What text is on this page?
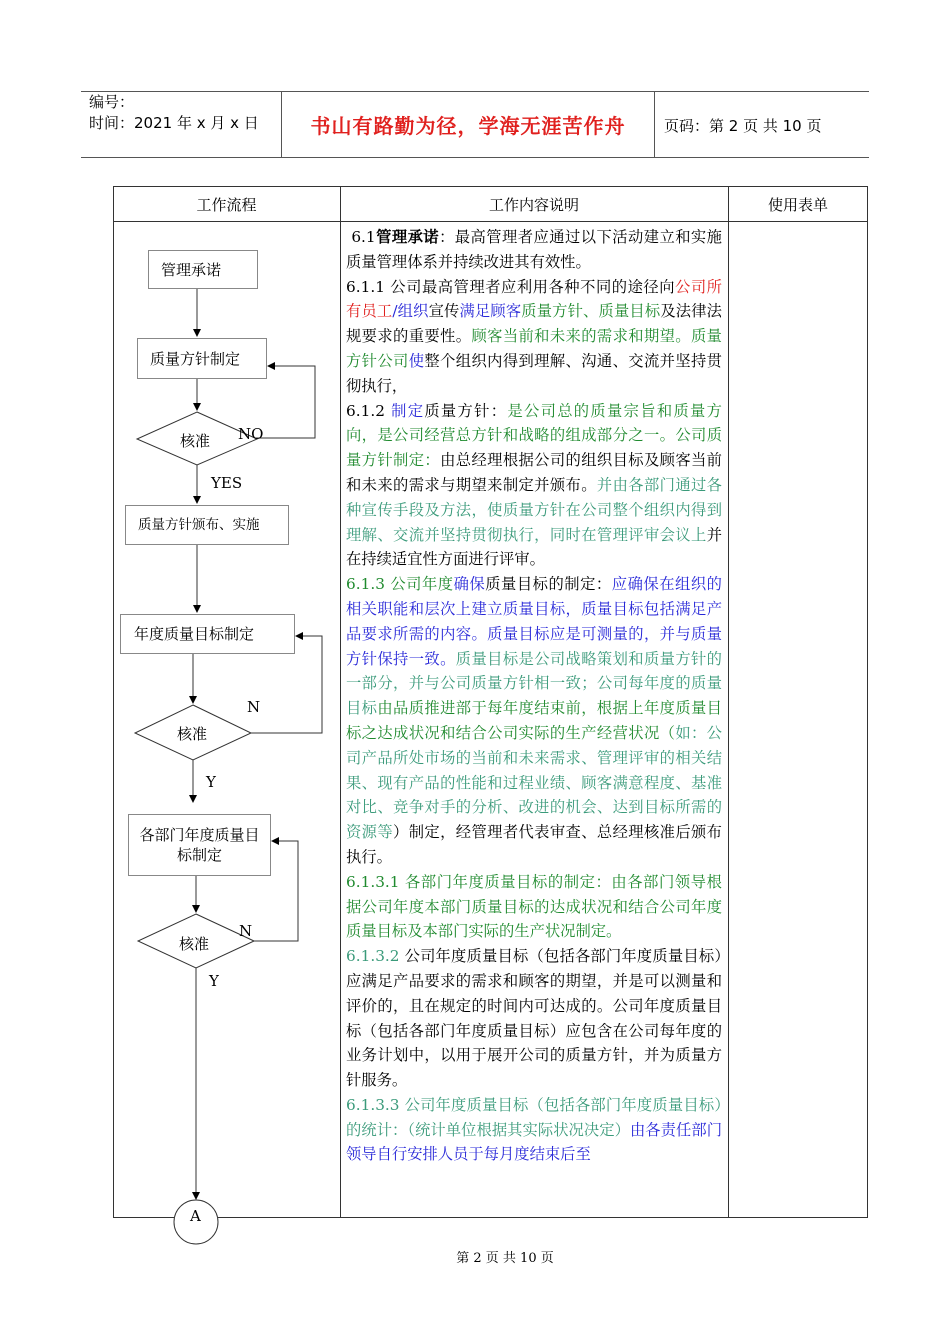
编号：
时间：2021 年 x 月 x 日	书山有路勤为径，学海无涯苦作舟	页码：第 2 页 共 10 页
工作流程	工作内容说明	使用表单
管理承诺
质量方针制定
核准 NO
YES
质量方针颁布、实施
年度质量目标制定
核准
N
Y
各部门年度质量目标制定
核准
N
Y
A

6.1管理承诺：最高管理者应通过以下活动建立和实施质量管理体系并持续改进其有效性。

6.1.1 公司最高管理者应利用各种不同的途径向公司所有员工/组织宣传满足顾客质量方针、质量目标及法律法规要求的重要性。顾客当前和未来的需求和期望。质量方针公司使整个组织内得到理解、沟通、交流并坚持贯彻执行，

6.1.2 制定质量方针：是公司总的质量宗旨和质量方向，是公司经营总方针和战略的组成部分之一。公司质量方针制定：由总经理根据公司的组织目标及顾客当前和未来的需求与期望来制定并颁布。并由各部门通过各种宣传手段及方法，使质量方针在公司整个组织内得到理解、交流并坚持贯彻执行，同时在管理评审会议上并在持续适宜性方面进行评审。

6.1.3 公司年度确保质量目标的制定：应确保在组织的相关职能和层次上建立质量目标，质量目标包括满足产品要求所需的内容。质量目标应是可测量的，并与质量方针保持一致。质量目标是公司战略策划和质量方针的一部分，并与公司质量方针相一致；公司每年度的质量目标由品质推进部于每年度结束前，根据上年度质量目标之达成状况和结合公司实际的生产经营状况（如：公司产品所处市场的当前和未来需求、管理评审的相关结果、现有产品的性能和过程业绩、顾客满意程度、基准对比、竞争对手的分析、改进的机会、达到目标所需的资源等）制定，经管理者代表审查、总经理核准后颁布执行。

6.1.3.1 各部门年度质量目标的制定：由各部门领导根据公司年度本部门质量目标的达成状况和结合公司年度质量目标及本部门实际的生产状况制定。

6.1.3.2 公司年度质量目标（包括各部门年度质量目标）应满足产品要求的需求和顾客的期望，并是可以测量和评价的，且在规定的时间内可达成的。公司年度质量目标（包括各部门年度质量目标）应包含在公司每年度的业务计划中，以用于展开公司的质量方针，并为质量方针服务。

6.1.3.3 公司年度质量目标（包括各部门年度质量目标）的统计：（统计单位根据其实际状况决定）由各责任部门领导自行安排人员于每月度结束后至

第 2 页 共 10 页
